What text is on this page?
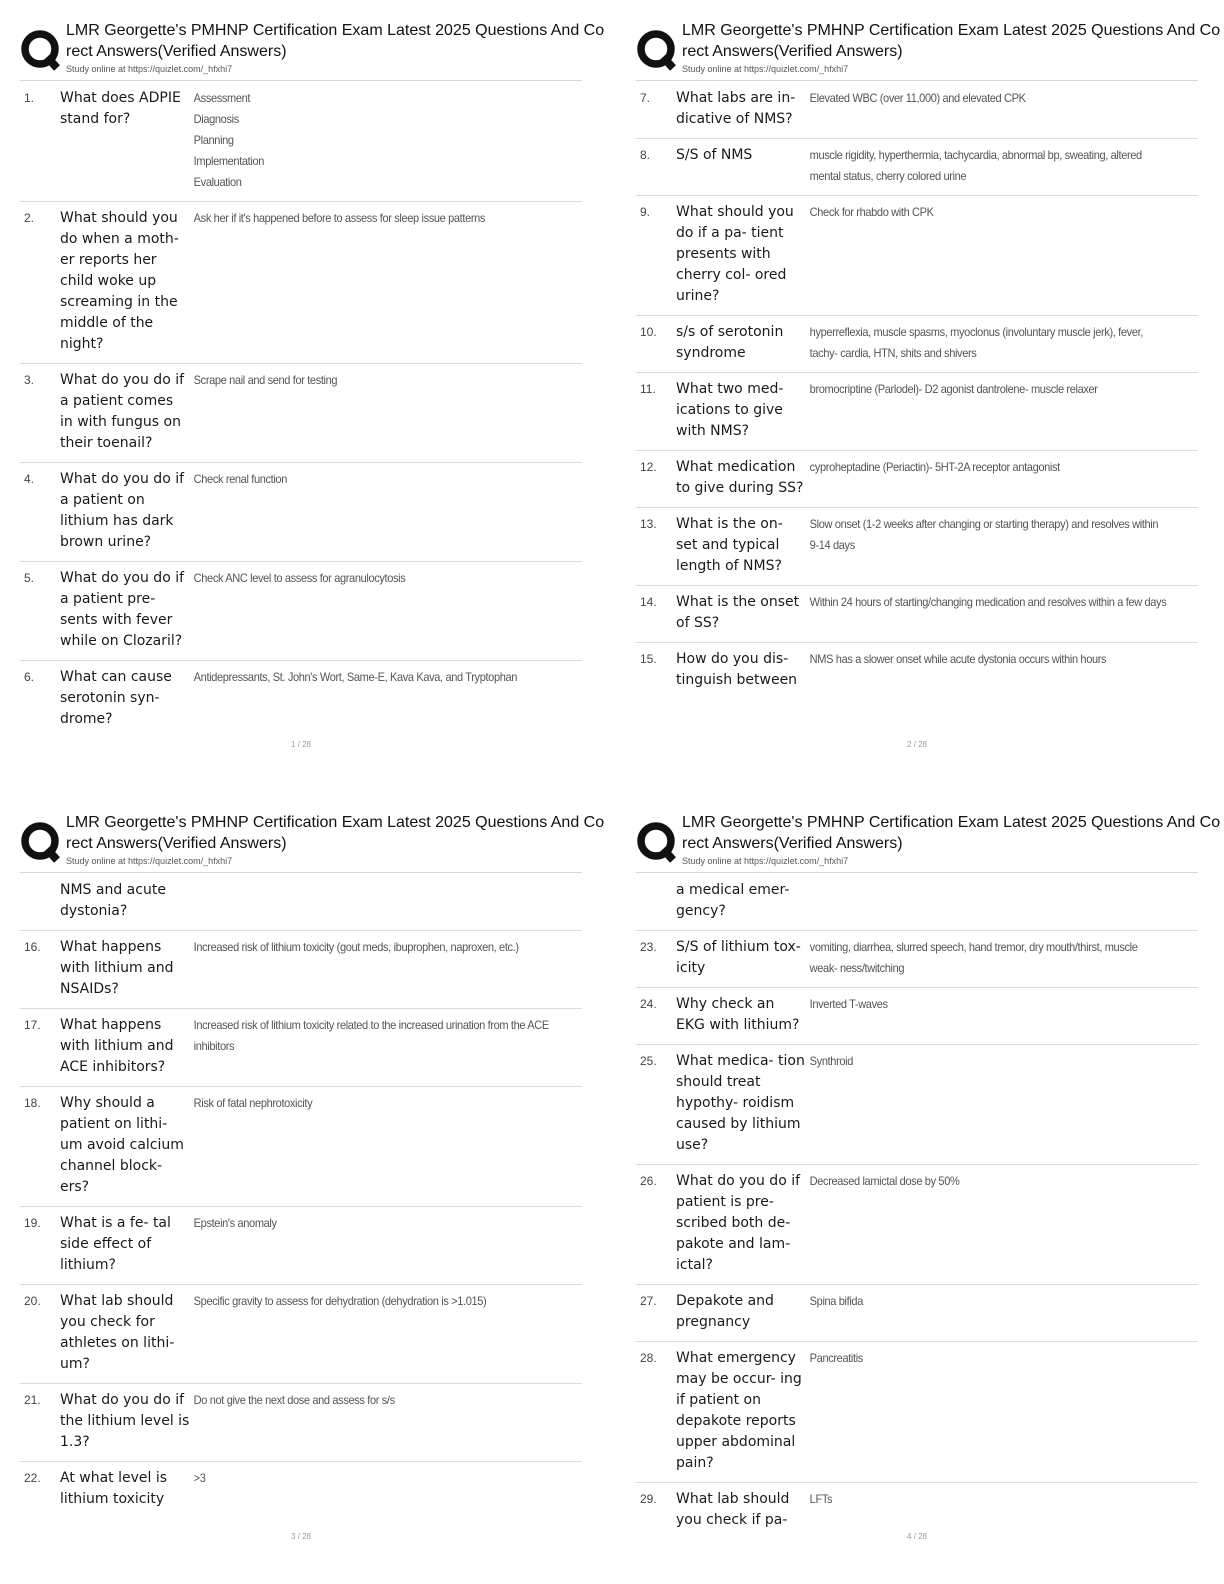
LMR Georgette's PMHNP Certification Exam Latest 2025 Questions And Co rect Answers(Verified Answers)
Study online at https://quizlet.com/_hfxhi7
1.	What does ADPIE stand for?
Assessment
Diagnosis
Planning
Implementation
Evaluation
2.	What should you do when a moth- er reports her child woke up screaming in the middle of the night?
Ask her if it's happened before to assess for sleep issue patterns
3.	What do you do if a patient comes in with fungus on their toenail?
Scrape nail and send for testing
4.	What do you do if a patient on lithium has dark brown urine?
Check renal function
5.	What do you do if a patient pre- sents with fever while on Clozaril?
Check ANC level to assess for agranulocytosis
6.	What can cause serotonin syn- drome?
Antidepressants, St. John's Wort, Same-E, Kava Kava, and Tryptophan
1 / 28
LMR Georgette's PMHNP Certification Exam Latest 2025 Questions And Co rect Answers(Verified Answers)
Study online at https://quizlet.com/_hfxhi7
7.	What labs are in- dicative of NMS?
Elevated WBC (over 11,000) and elevated CPK
8.	S/S of NMS	muscle rigidity, hyperthermia, tachycardia, abnormal bp, sweating, altered mental status, cherry colored urine
9.	What should you do if a pa- tient presents with cherry col- ored urine?
Check for rhabdo with CPK
10.	s/s of serotonin syndrome
hyperreflexia, muscle spasms, myoclonus (involuntary muscle jerk), fever, tachy- cardia, HTN, shits and shivers
11.	What two med- ications to give with NMS?
bromocriptine (Parlodel)- D2 agonist dantrolene- muscle relaxer
12.	What medication to give during SS?
cyproheptadine (Periactin)- 5HT-2A receptor antagonist
13.	What is the on- set and typical length of NMS?
Slow onset (1-2 weeks after changing or starting therapy) and resolves within 9-14 days
14.	What is the onset of SS?
Within 24 hours of starting/changing medication and resolves within a few days
15.	How do you dis- tinguish between
NMS has a slower onset while acute dystonia occurs within hours
2 / 28
LMR Georgette's PMHNP Certification Exam Latest 2025 Questions And Co rect Answers(Verified Answers)
Study online at https://quizlet.com/_hfxhi7
NMS and acute dystonia?
16.	What happens with lithium and NSAIDs?
Increased risk of lithium toxicity (gout meds, ibuprophen, naproxen, etc.)
17.	What happens with lithium and ACE inhibitors?
Increased risk of lithium toxicity related to the increased urination from the ACE inhibitors
18.	Why should a patient on lithi- um avoid calcium channel block- ers?
Risk of fatal nephrotoxicity
19.	What is a fe- tal side effect of lithium?
Epstein's anomaly
20.	What lab should you check for athletes on lithi- um?
Specific gravity to assess for dehydration (dehydration is >1.015)
21.	What do you do if the lithium level is 1.3?
Do not give the next dose and assess for s/s
22.	At what level is lithium toxicity
>3
3 / 28
LMR Georgette's PMHNP Certification Exam Latest 2025 Questions And Co rect Answers(Verified Answers)
Study online at https://quizlet.com/_hfxhi7
a medical emer- gency?
23.	S/S of lithium tox- icity
vomiting, diarrhea, slurred speech, hand tremor, dry mouth/thirst, muscle weak- ness/twitching
24.	Why check an EKG with lithium?
Inverted T-waves
25.	What medica- tion should treat hypothy- roidism caused by lithium use?
Synthroid
26.	What do you do if patient is pre- scribed both de- pakote and lam- ictal?
Decreased lamictal dose by 50%
27.	Depakote and pregnancy
Spina bifida
28.	What emergency may be occur- ing if patient on depakote reports upper abdominal pain?
Pancreatitis
29.	What lab should you check if pa-
LFTs
4 / 28
